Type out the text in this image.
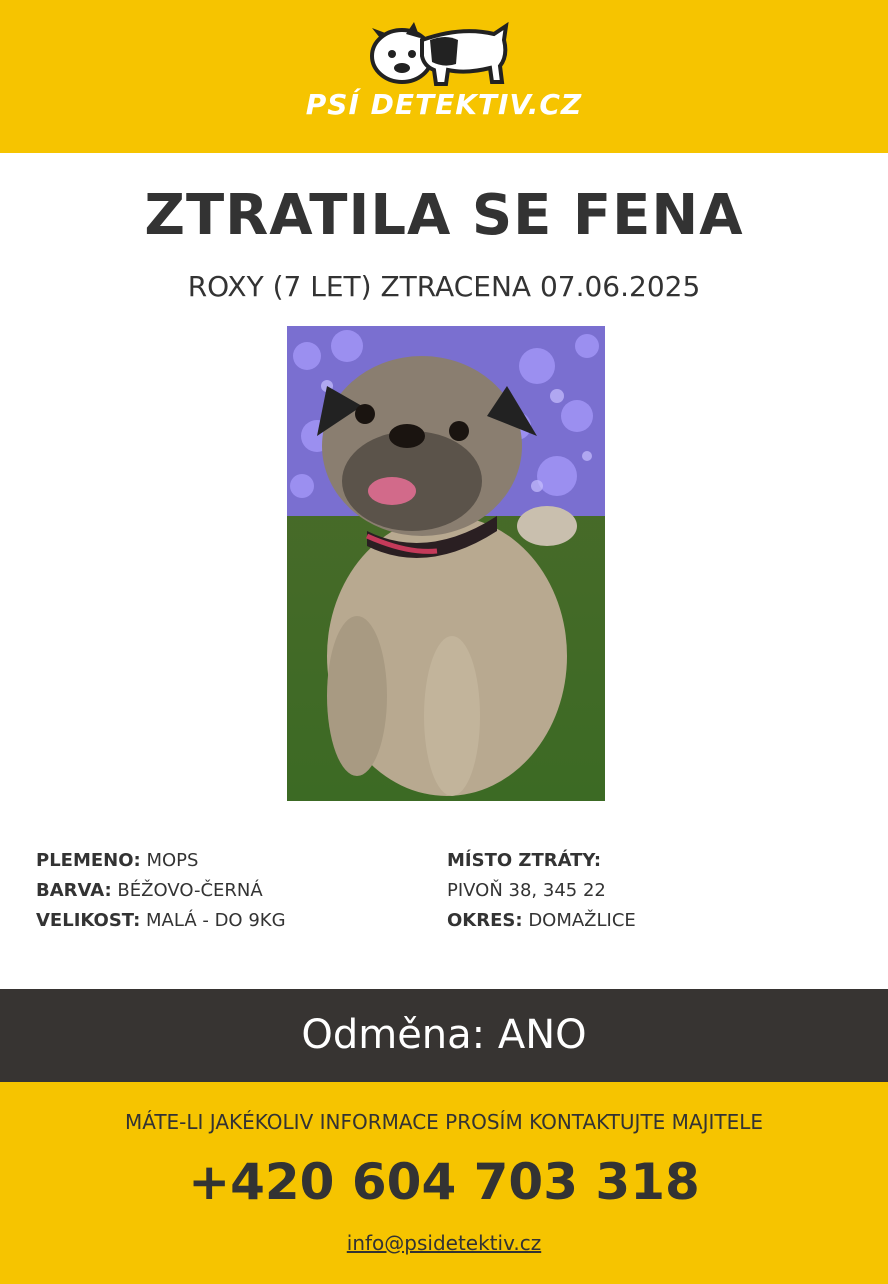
PSÍ DETEKTIV.CZ
ZTRATILA SE FENA
ROXY (7 LET) ZTRACENA 07.06.2025
PLEMENO: MOPS
BARVA: BÉŽOVO-ČERNÁ
VELIKOST: MALÁ - DO 9KG
MÍSTO ZTRÁTY:
PIVOŇ 38, 345 22
OKRES: DOMAŽLICE
Odměna: ANO
MÁTE-LI JAKÉKOLIV INFORMACE PROSÍM KONTAKTUJTE MAJITELE
+420 604 703 318
info@psidetektiv.cz
